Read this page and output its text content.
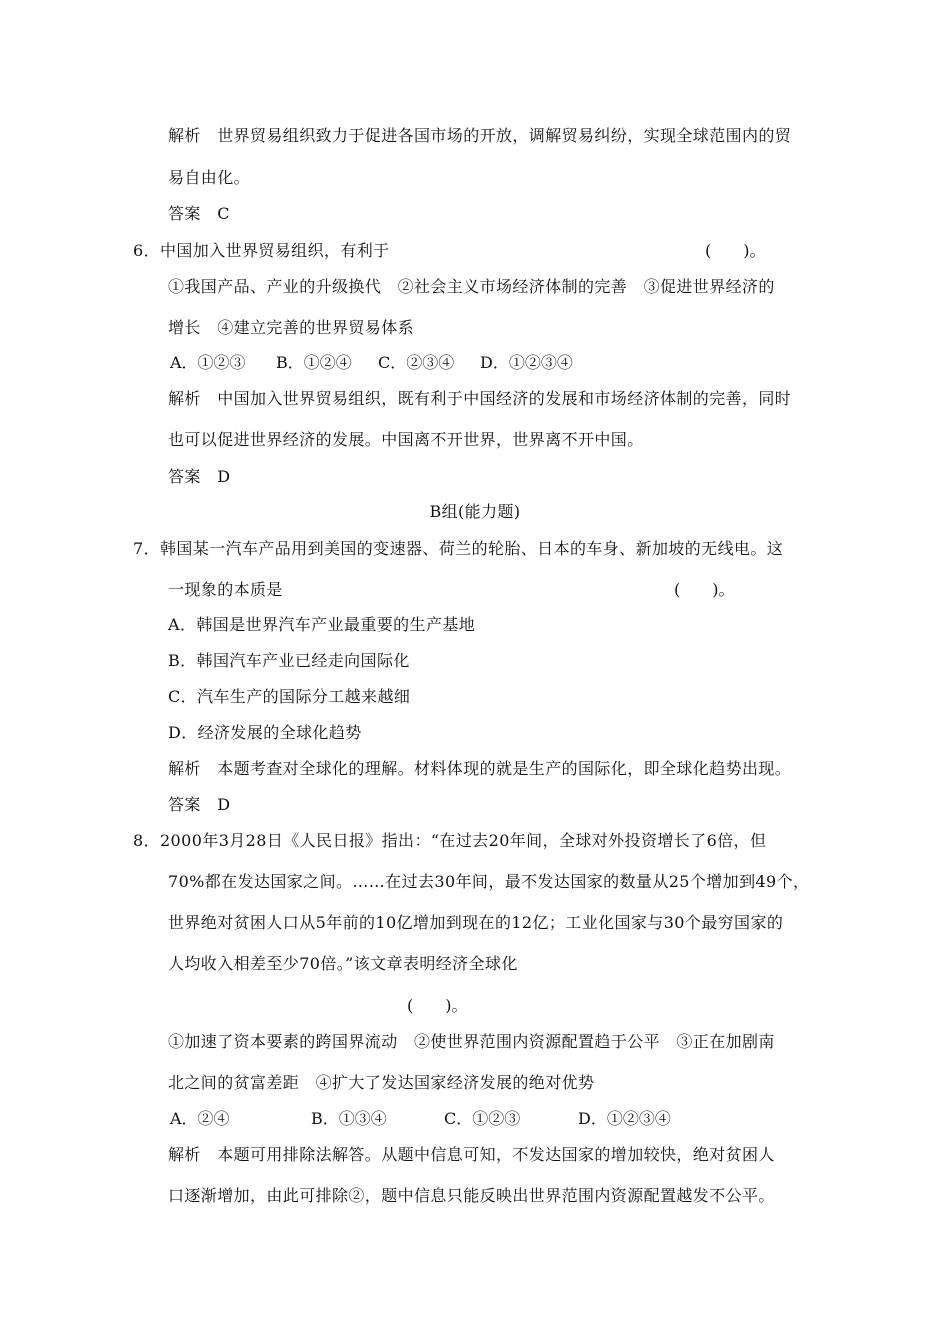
解析　世界贸易组织致力于促进各国市场的开放，调解贸易纠纷，实现全球范围内的贸
易自由化。
答案　C
6．中国加入世界贸易组织，有利于	(　　)。
①我国产品、产业的升级换代　②社会主义市场经济体制的完善　③促进世界经济的
增长　④建立完善的世界贸易体系
A．①②③ B．①②④ C．②③④ D．①②③④
解析　中国加入世界贸易组织，既有利于中国经济的发展和市场经济体制的完善，同时
也可以促进世界经济的发展。中国离不开世界，世界离不开中国。
答案　D
B组(能力题)
7．韩国某一汽车产品用到美国的变速器、荷兰的轮胎、日本的车身、新加坡的无线电。这
一现象的本质是	(　　)。
A．韩国是世界汽车产业最重要的生产基地
B．韩国汽车产业已经走向国际化
C．汽车生产的国际分工越来越细
D．经济发展的全球化趋势
解析　本题考查对全球化的理解。材料体现的就是生产的国际化，即全球化趋势出现。
答案　D
8．2000年3月28日《人民日报》指出：“在过去20年间，全球对外投资增长了6倍，但
70%都在发达国家之间。……在过去30年间，最不发达国家的数量从25个增加到49个，
世界绝对贫困人口从5年前的10亿增加到现在的12亿；工业化国家与30个最穷国家的
人均收入相差至少70倍。”该文章表明经济全球化
(　　)。
①加速了资本要素的跨国界流动　②使世界范围内资源配置趋于公平　③正在加剧南
北之间的贫富差距　④扩大了发达国家经济发展的绝对优势
A．②④	B．①③④	C．①②③	D．①②③④
解析　本题可用排除法解答。从题中信息可知，不发达国家的增加较快，绝对贫困人
口逐渐增加，由此可排除②，题中信息只能反映出世界范围内资源配置越发不公平。
